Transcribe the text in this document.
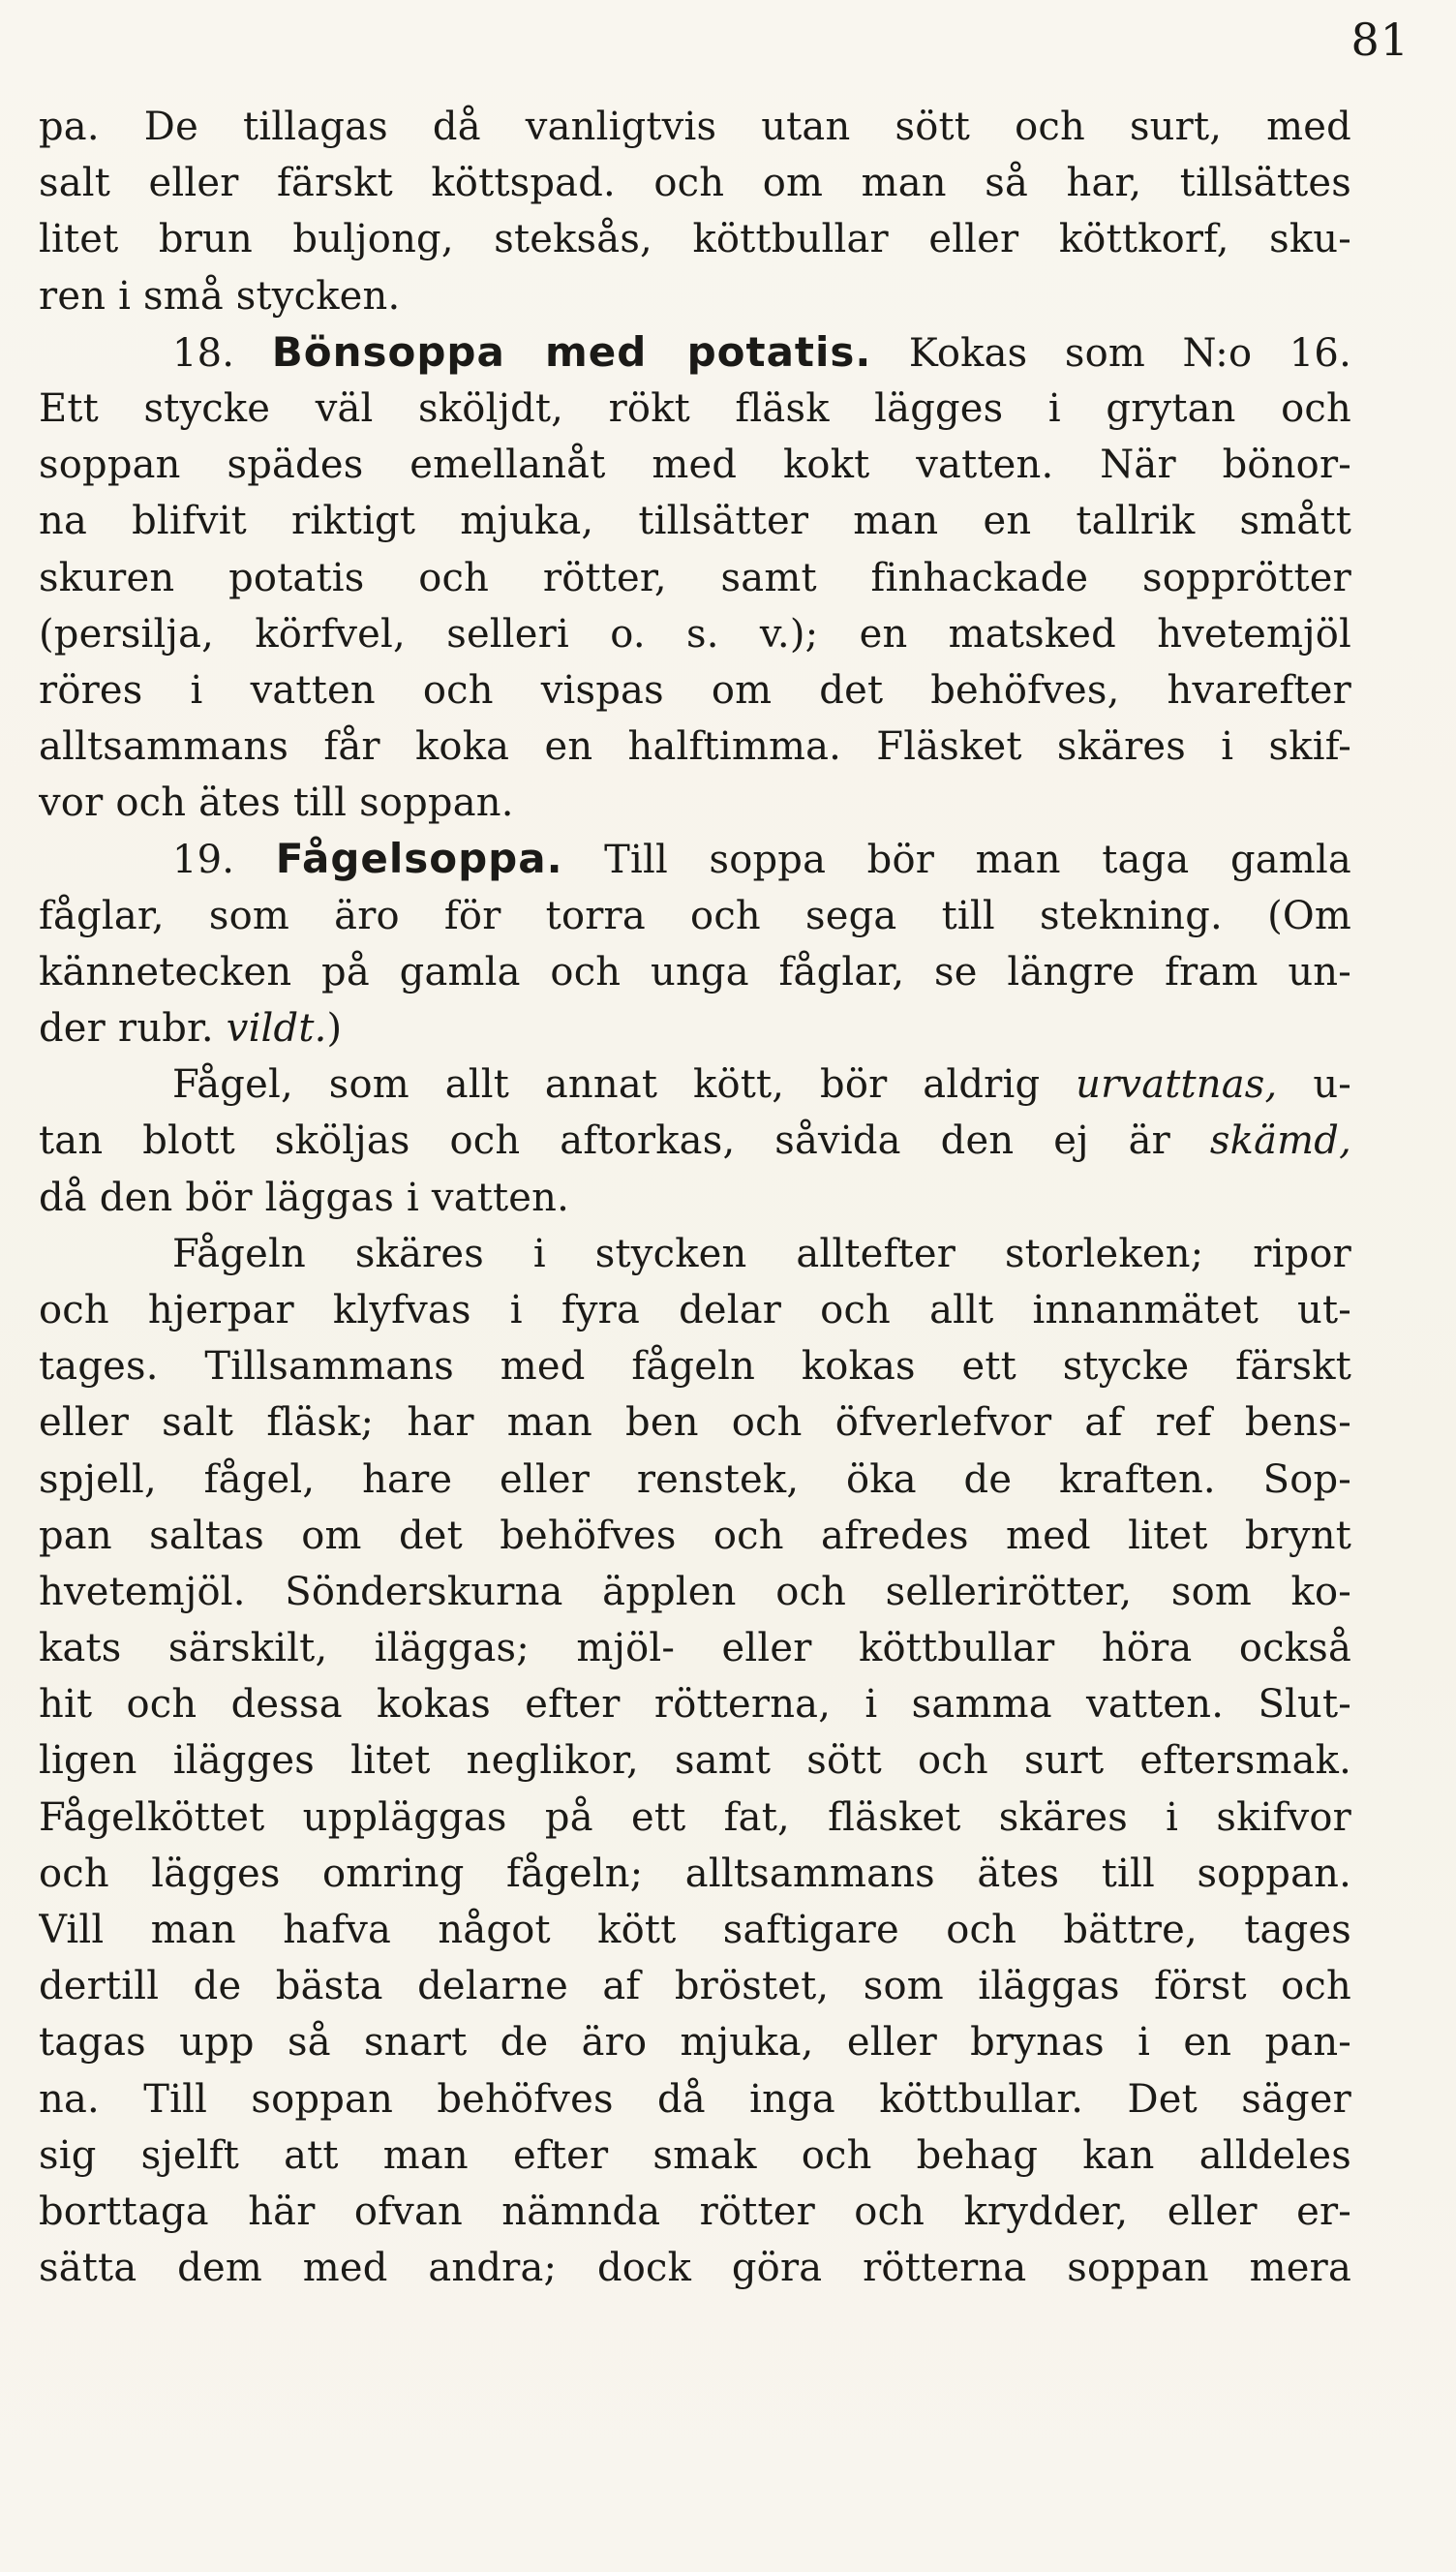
81
pa. De tillagas då vanligtvis utan sött och surt, med
salt eller färskt köttspad. och om man så har, tillsättes
litet brun buljong, steksås, köttbullar eller köttkorf, sku-
ren i små stycken.
18. Bönsoppa med potatis. Kokas som N:o 16.
Ett stycke väl sköljdt, rökt fläsk lägges i grytan och
soppan spädes emellanåt med kokt vatten. När bönor-
na blifvit riktigt mjuka, tillsätter man en tallrik smått
skuren potatis och rötter, samt finhackade sopprötter
(persilja, körfvel, selleri o. s. v.); en matsked hvetemjöl
röres i vatten och vispas om det behöfves, hvarefter
alltsammans får koka en halftimma. Fläsket skäres i skif-
vor och ätes till soppan.
19. Fågelsoppa. Till soppa bör man taga gamla
fåglar, som äro för torra och sega till stekning. (Om
kännetecken på gamla och unga fåglar, se längre fram un-
der rubr. vildt.)
Fågel, som allt annat kött, bör aldrig urvattnas, u-
tan blott sköljas och aftorkas, såvida den ej är skämd,
då den bör läggas i vatten.
Fågeln skäres i stycken alltefter storleken; ripor
och hjerpar klyfvas i fyra delar och allt innanmätet ut-
tages. Tillsammans med fågeln kokas ett stycke färskt
eller salt fläsk; har man ben och öfverlefvor af ref bens-
spjell, fågel, hare eller renstek, öka de kraften. Sop-
pan saltas om det behöfves och afredes med litet brynt
hvetemjöl. Sönderskurna äpplen och sellerirötter, som ko-
kats särskilt, iläggas; mjöl- eller köttbullar höra också
hit och dessa kokas efter rötterna, i samma vatten. Slut-
ligen ilägges litet neglikor, samt sött och surt eftersmak.
Fågelköttet uppläggas på ett fat, fläsket skäres i skifvor
och lägges omring fågeln; alltsammans ätes till soppan.
Vill man hafva något kött saftigare och bättre, tages
dertill de bästa delarne af bröstet, som iläggas först och
tagas upp så snart de äro mjuka, eller brynas i en pan-
na. Till soppan behöfves då inga köttbullar. Det säger
sig sjelft att man efter smak och behag kan alldeles
borttaga här ofvan nämnda rötter och krydder, eller er-
sätta dem med andra; dock göra rötterna soppan mera
